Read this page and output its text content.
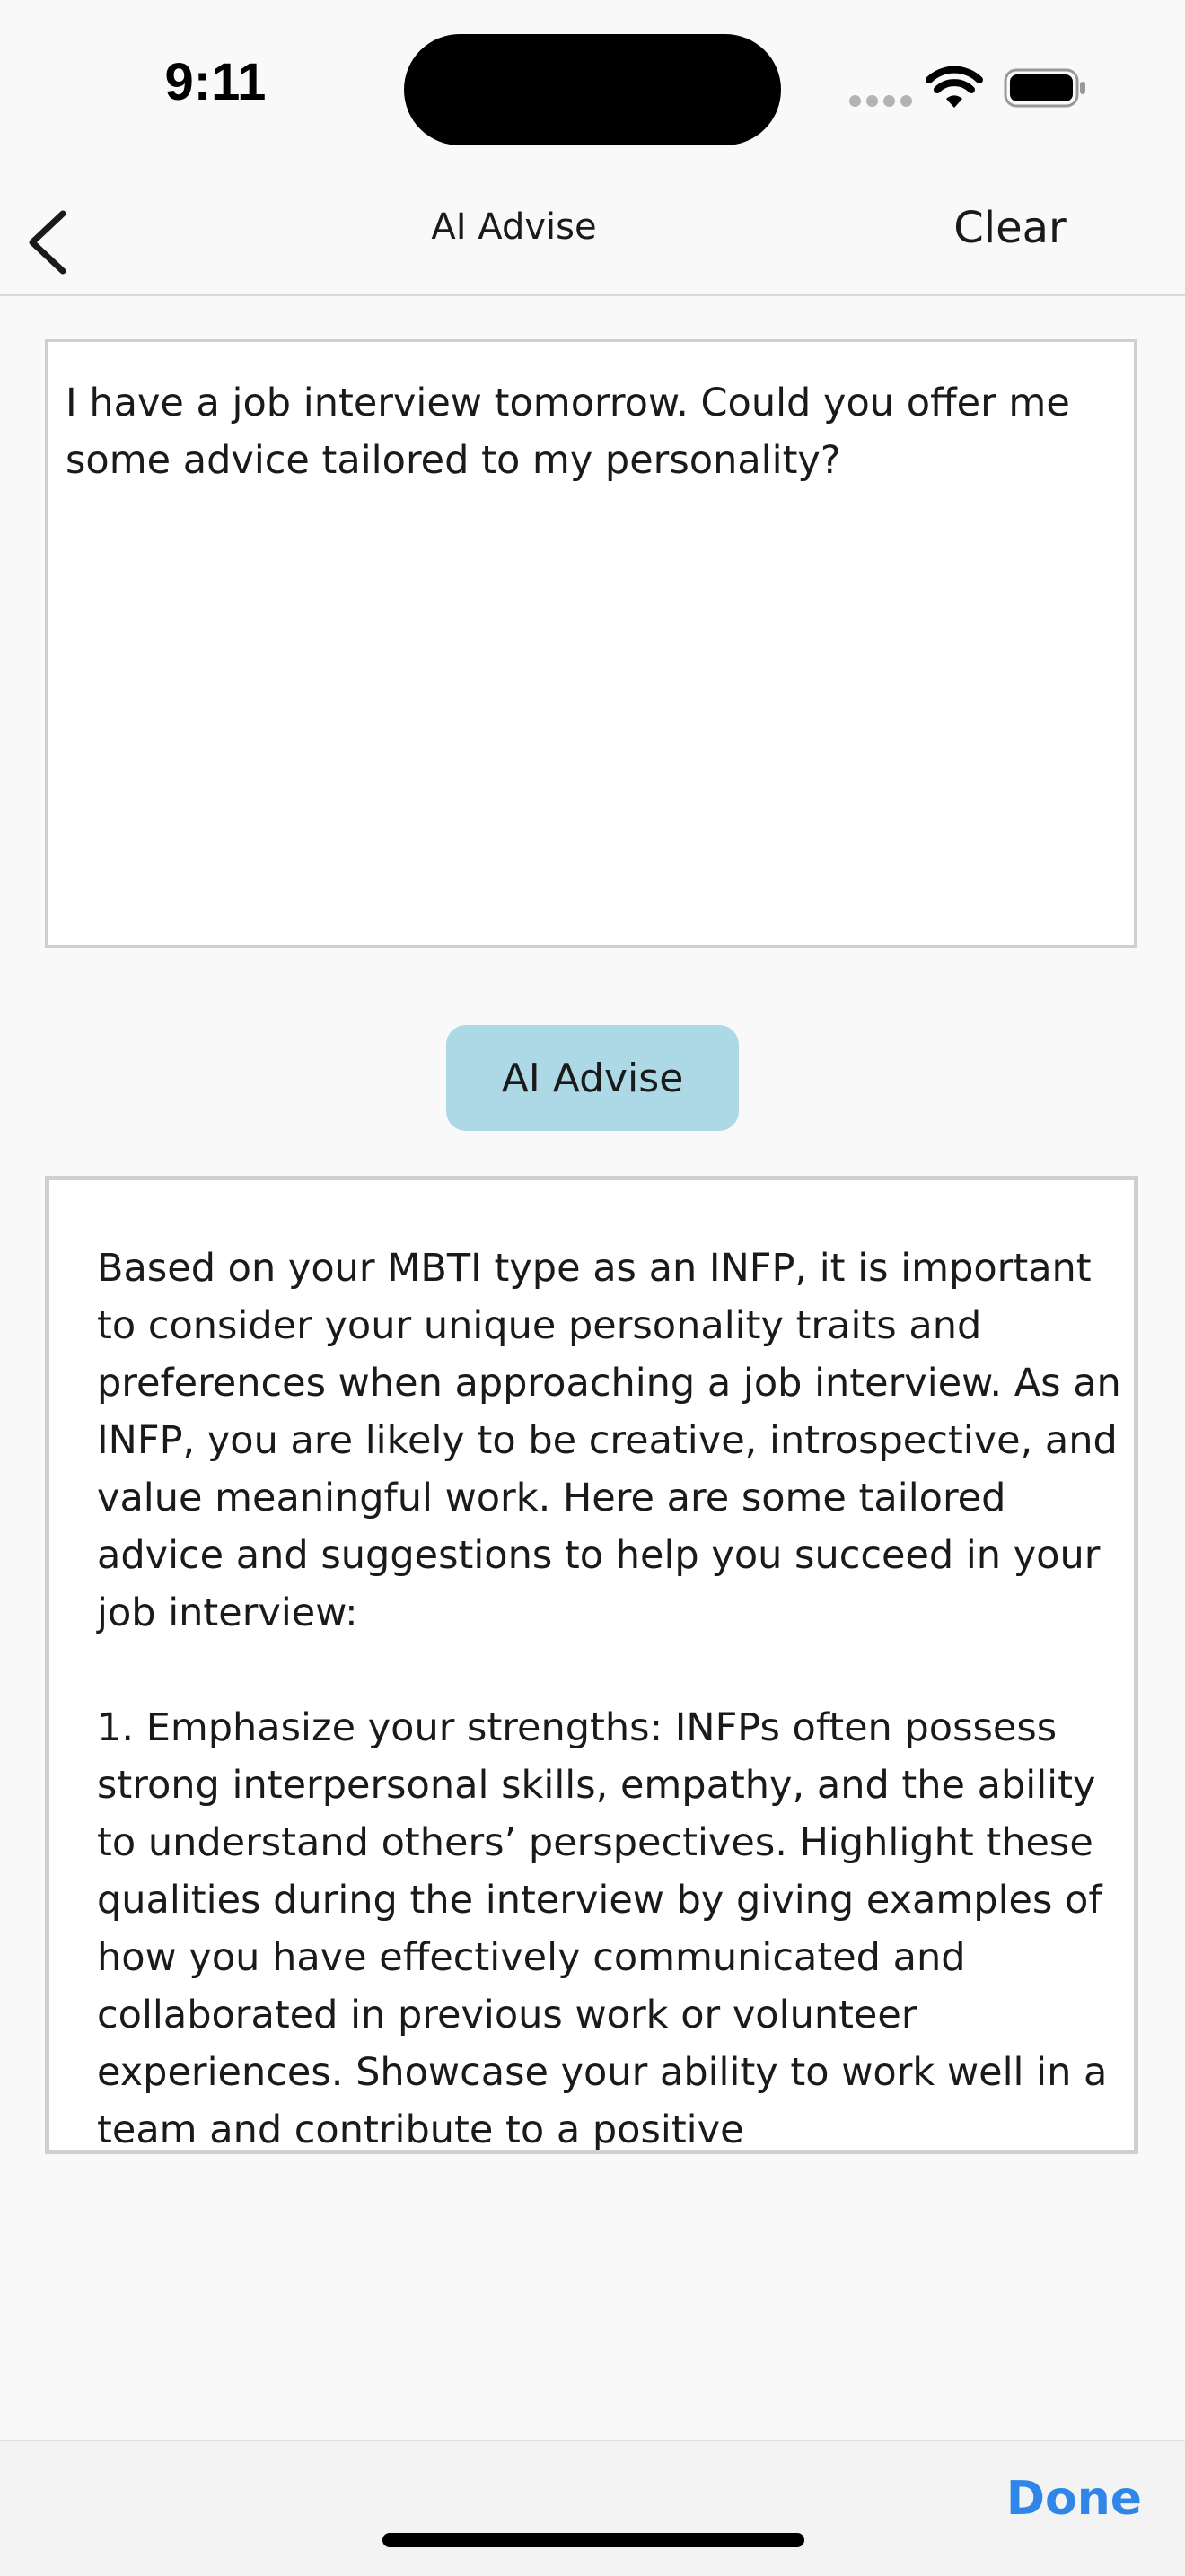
9:11
AI Advise	Clear
I have a job interview tomorrow. Could you offer me some advice tailored to my personality?
AI Advise
Based on your MBTI type as an INFP, it is important to consider your unique personality traits and preferences when approaching a job interview. As an INFP, you are likely to be creative, introspective, and value meaningful work. Here are some tailored advice and suggestions to help you succeed in your job interview:

1. Emphasize your strengths: INFPs often possess strong interpersonal skills, empathy, and the ability to understand others’ perspectives. Highlight these qualities during the interview by giving examples of how you have effectively communicated and collaborated in previous work or volunteer experiences. Showcase your ability to work well in a team and contribute to a positive
Done
